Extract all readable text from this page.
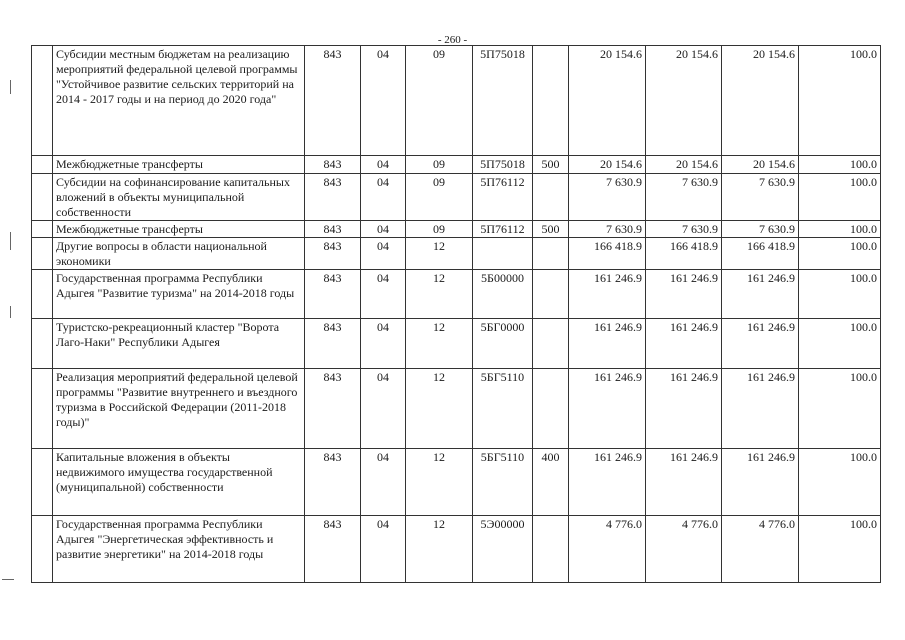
- 260 -
	Субсидии местным бюджетам на реализацию мероприятий федеральной целевой программы "Устойчивое развитие сельских территорий на 2014 - 2017 годы и на период до 2020 года"	843	04	09	5П75018		20 154.6	20 154.6	20 154.6	100.0
	Межбюджетные трансферты	843	04	09	5П75018	500	20 154.6	20 154.6	20 154.6	100.0
	Субсидии на софинансирование капитальных вложений в объекты муниципальной собственности	843	04	09	5П76112		7 630.9	7 630.9	7 630.9	100.0
	Межбюджетные трансферты	843	04	09	5П76112	500	7 630.9	7 630.9	7 630.9	100.0
	Другие вопросы в области национальной экономики	843	04	12			166 418.9	166 418.9	166 418.9	100.0
	Государственная программа Республики Адыгея "Развитие туризма" на 2014-2018 годы	843	04	12	5Б00000		161 246.9	161 246.9	161 246.9	100.0
	Туристско-рекреационный кластер "Ворота Лаго-Наки" Республики Адыгея	843	04	12	5БГ0000		161 246.9	161 246.9	161 246.9	100.0
	Реализация мероприятий федеральной целевой программы "Развитие внутреннего и въездного туризма в Российской Федерации (2011-2018 годы)"	843	04	12	5БГ5110		161 246.9	161 246.9	161 246.9	100.0
	Капитальные вложения в объекты недвижимого имущества государственной (муниципальной) собственности	843	04	12	5БГ5110	400	161 246.9	161 246.9	161 246.9	100.0
	Государственная программа Республики Адыгея "Энергетическая эффективность и развитие энергетики" на 2014-2018 годы	843	04	12	5Э00000		4 776.0	4 776.0	4 776.0	100.0
